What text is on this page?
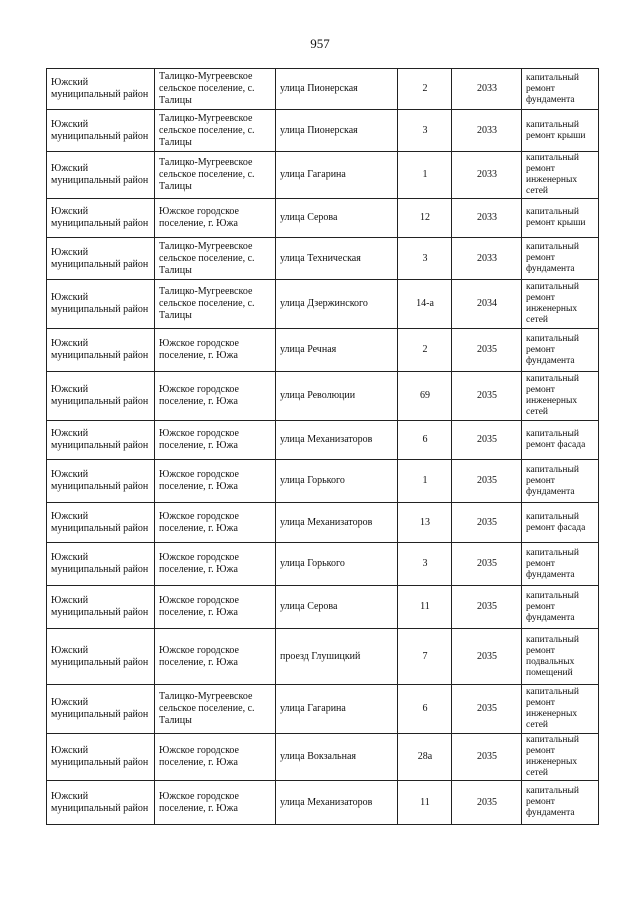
957
Южский муниципальный район	Талицко-Мугреевское сельское поселение, с. Талицы	улица Пионерская	2	2033	капитальный ремонт фундамента
Южский муниципальный район	Талицко-Мугреевское сельское поселение, с. Талицы	улица Пионерская	3	2033	капитальный ремонт крыши
Южский муниципальный район	Талицко-Мугреевское сельское поселение, с. Талицы	улица Гагарина	1	2033	капитальный ремонт инженерных сетей
Южский муниципальный район	Южское городское поселение, г. Южа	улица Серова	12	2033	капитальный ремонт крыши
Южский муниципальный район	Талицко-Мугреевское сельское поселение, с. Талицы	улица Техническая	3	2033	капитальный ремонт фундамента
Южский муниципальный район	Талицко-Мугреевское сельское поселение, с. Талицы	улица Дзержинского	14-а	2034	капитальный ремонт инженерных сетей
Южский муниципальный район	Южское городское поселение, г. Южа	улица Речная	2	2035	капитальный ремонт фундамента
Южский муниципальный район	Южское городское поселение, г. Южа	улица Революции	69	2035	капитальный ремонт инженерных сетей
Южский муниципальный район	Южское городское поселение, г. Южа	улица Механизаторов	6	2035	капитальный ремонт фасада
Южский муниципальный район	Южское городское поселение, г. Южа	улица Горького	1	2035	капитальный ремонт фундамента
Южский муниципальный район	Южское городское поселение, г. Южа	улица Механизаторов	13	2035	капитальный ремонт фасада
Южский муниципальный район	Южское городское поселение, г. Южа	улица Горького	3	2035	капитальный ремонт фундамента
Южский муниципальный район	Южское городское поселение, г. Южа	улица Серова	11	2035	капитальный ремонт фундамента
Южский муниципальный район	Южское городское поселение, г. Южа	проезд Глушицкий	7	2035	капитальный ремонт подвальных помещений
Южский муниципальный район	Талицко-Мугреевское сельское поселение, с. Талицы	улица Гагарина	6	2035	капитальный ремонт инженерных сетей
Южский муниципальный район	Южское городское поселение, г. Южа	улица Вокзальная	28а	2035	капитальный ремонт инженерных сетей
Южский муниципальный район	Южское городское поселение, г. Южа	улица Механизаторов	11	2035	капитальный ремонт фундамента
